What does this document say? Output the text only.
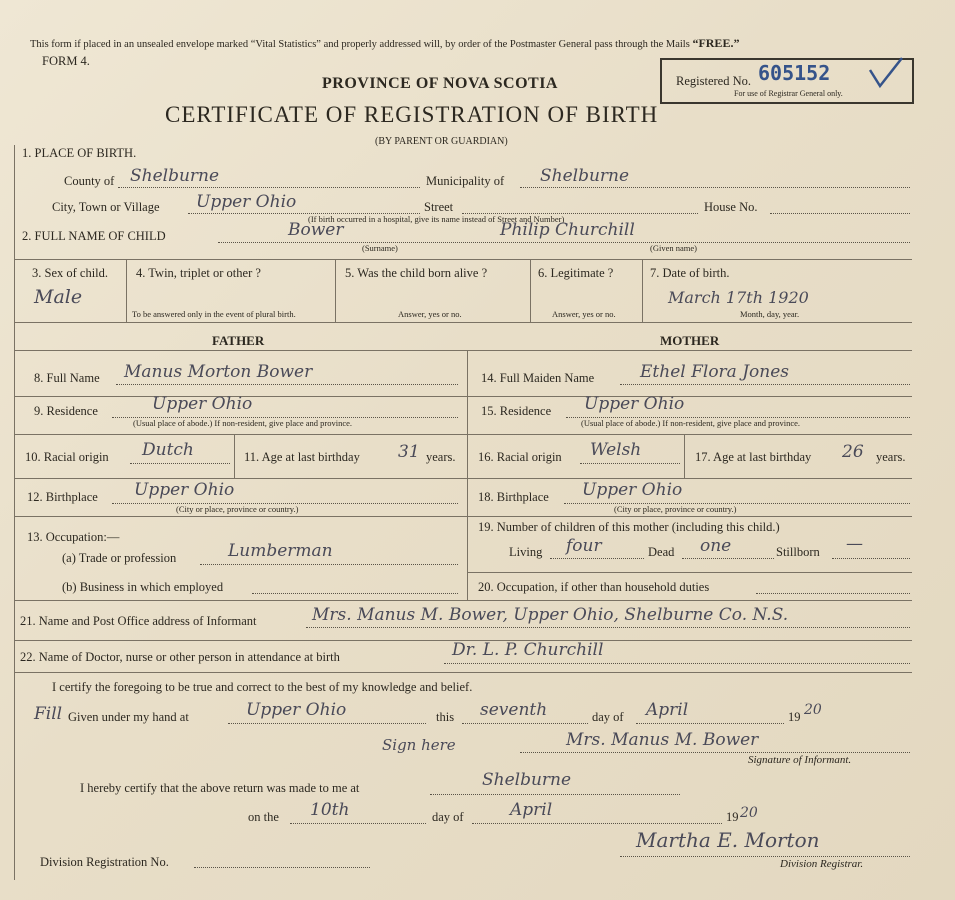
This form if placed in an unsealed envelope marked “Vital Statistics” and properly addressed will, by order of the Postmaster General pass through the Mails “FREE.”
FORM 4.
PROVINCE OF NOVA SCOTIA
CERTIFICATE OF REGISTRATION OF BIRTH
(BY PARENT OR GUARDIAN)
Registered No. 605152
For use of Registrar General only.
1. PLACE OF BIRTH.
County of Shelburne	Municipality of Shelburne
City, Town or Village Upper Ohio	Street	House No.
(If birth occurred in a hospital, give its name instead of Street and Number)
2. FULL NAME OF CHILD	Bower	Philip Churchill
(Surname)	(Given name)
3. Sex of child.
Male
4. Twin, triplet or other ?
To be answered only in the event of plural birth.
5. Was the child born alive ?
Answer, yes or no.
6. Legitimate ?
Answer, yes or no.
7. Date of birth.
March 17th 1920
Month, day, year.
FATHER	MOTHER
8. Full Name Manus Morton Bower
9. Residence	Upper Ohio
(Usual place of abode.) If non-resident, give place and province.
10. Racial origin Dutch	11. Age at last birthday 31 years.
12. Birthplace Upper Ohio
(City or place, province or country.)
13. Occupation:—
(a) Trade or profession	Lumberman
(b) Business in which employed
14. Full Maiden Name	Ethel Flora Jones
15. Residence Upper Ohio
(Usual place of abode.) If non-resident, give place and province.
16. Racial origin Welsh	17. Age at last birthday 26 years.
18. Birthplace Upper Ohio
(City or place, province or country.)
19. Number of children of this mother (including this child.)
Living four	Dead one	Stillborn —
20. Occupation, if other than household duties
21. Name and Post Office address of Informant	Mrs. Manus M. Bower, Upper Ohio, Shelburne Co. N.S.
22. Name of Doctor, nurse or other person in attendance at birth	Dr. L. P. Churchill
I certify the foregoing to be true and correct to the best of my knowledge and belief.
Fill Given under my hand at	Upper Ohio	this seventh	day of April	19 20
Sign here	Mrs. Manus M. Bower
Signature of Informant.
I hereby certify that the above return was made to me at	Shelburne
on the 10th	day of	April	19 20
Division Registration No.
Martha E. Morton
Division Registrar.
